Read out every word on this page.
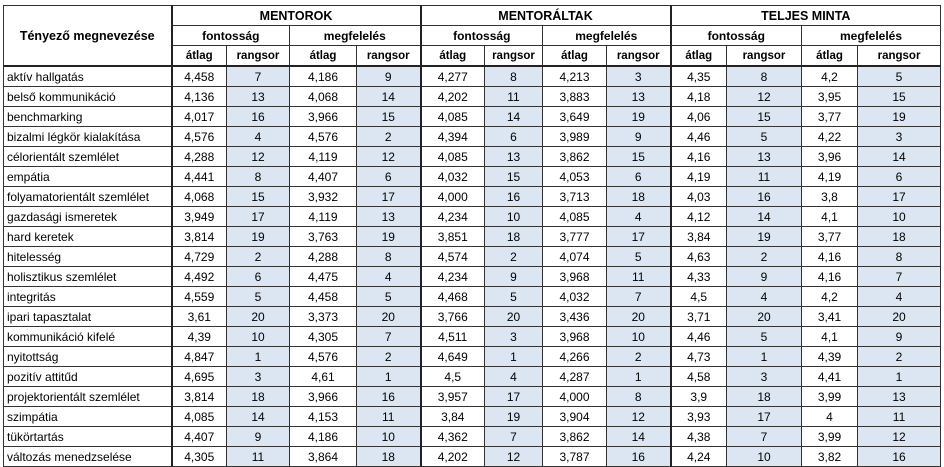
Tényező megnevezése	MENTOROK				MENTORÁLTAK				TELJES MINTA			
	fontosság		megfelelés		fontosság		megfelelés		fontosság		megfelelés	
	átlag	rangsor	átlag	rangsor	átlag	rangsor	átlag	rangsor	átlag	rangsor	átlag	rangsor
aktív hallgatás	4,458	7	4,186	9	4,277	8	4,213	3	4,35	8	4,2	5
belső kommunikáció	4,136	13	4,068	14	4,202	11	3,883	13	4,18	12	3,95	15
benchmarking	4,017	16	3,966	15	4,085	14	3,649	19	4,06	15	3,77	19
bizalmi légkör kialakítása	4,576	4	4,576	2	4,394	6	3,989	9	4,46	5	4,22	3
célorientált szemlélet	4,288	12	4,119	12	4,085	13	3,862	15	4,16	13	3,96	14
empátia	4,441	8	4,407	6	4,032	15	4,053	6	4,19	11	4,19	6
folyamatorientált szemlélet	4,068	15	3,932	17	4,000	16	3,713	18	4,03	16	3,8	17
gazdasági ismeretek	3,949	17	4,119	13	4,234	10	4,085	4	4,12	14	4,1	10
hard keretek	3,814	19	3,763	19	3,851	18	3,777	17	3,84	19	3,77	18
hitelesség	4,729	2	4,288	8	4,574	2	4,074	5	4,63	2	4,16	8
holisztikus szemlélet	4,492	6	4,475	4	4,234	9	3,968	11	4,33	9	4,16	7
integritás	4,559	5	4,458	5	4,468	5	4,032	7	4,5	4	4,2	4
ipari tapasztalat	3,61	20	3,373	20	3,766	20	3,436	20	3,71	20	3,41	20
kommunikáció kifelé	4,39	10	4,305	7	4,511	3	3,968	10	4,46	5	4,1	9
nyitottság	4,847	1	4,576	2	4,649	1	4,266	2	4,73	1	4,39	2
pozitív attitűd	4,695	3	4,61	1	4,5	4	4,287	1	4,58	3	4,41	1
projektorientált szemlélet	3,814	18	3,966	16	3,957	17	4,000	8	3,9	18	3,99	13
szimpátia	4,085	14	4,153	11	3,84	19	3,904	12	3,93	17	4	11
tükörtartás	4,407	9	4,186	10	4,362	7	3,862	14	4,38	7	3,99	12
változás menedzselése	4,305	11	3,864	18	4,202	12	3,787	16	4,24	10	3,82	16
